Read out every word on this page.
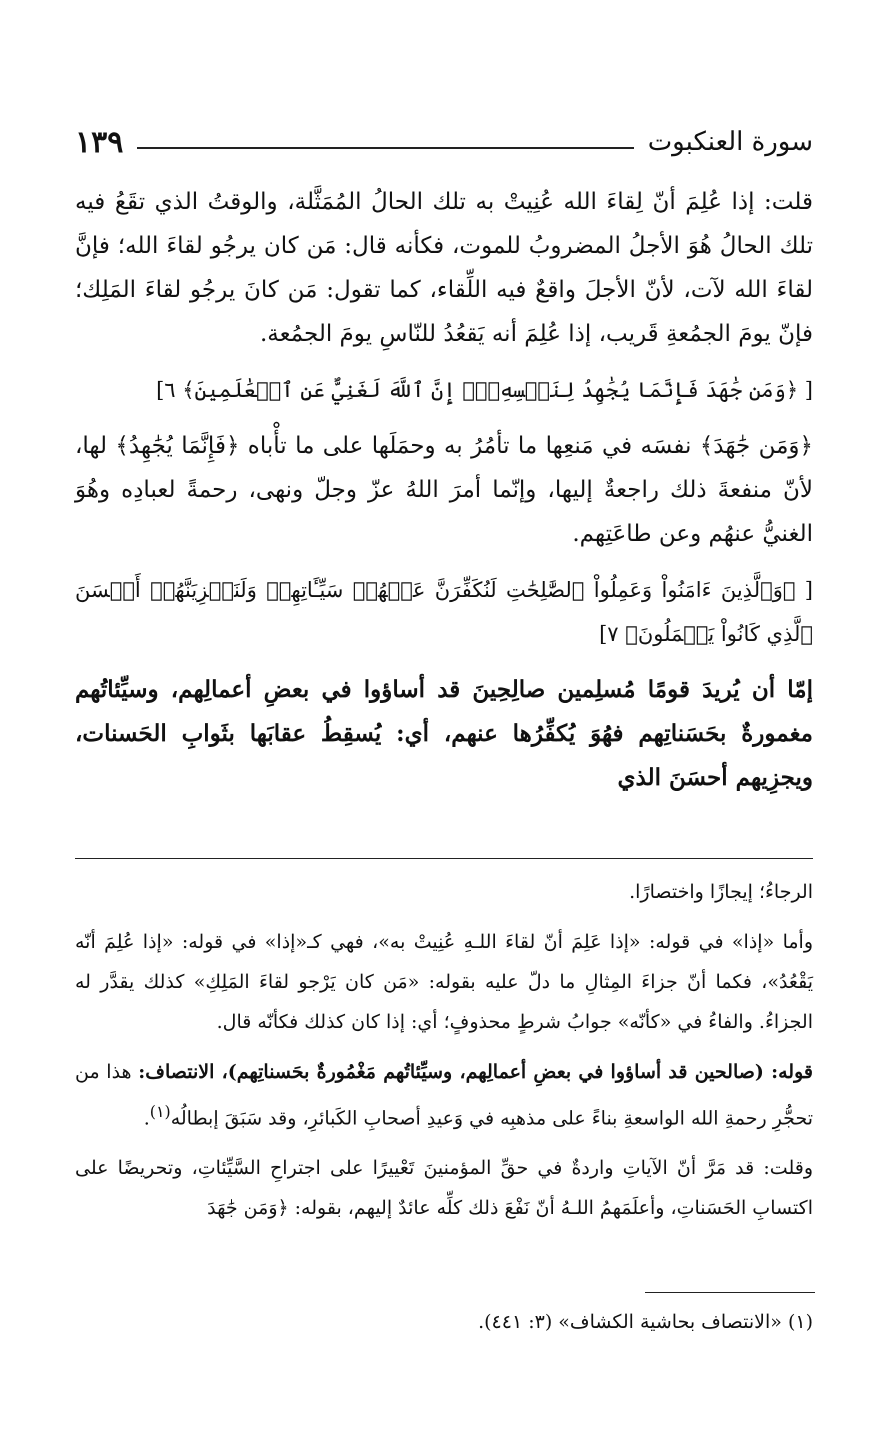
سورة العنكبوت
١٣٩

قلت: إذا عُلِمَ أنّ لِقاءَ الله عُنِيتْ به تلك الحالُ المُمَثَّلة، والوقتُ الذي تقَعُ فيه تلك الحالُ هُوَ الأجلُ المضروبُ للموت، فكأنه قال: مَن كان يرجُو لقاءَ الله؛ فإنَّ لقاءَ الله لآت، لأنّ الأجلَ واقعٌ فيه اللِّقاء، كما تقول: مَن كانَ يرجُو لقاءَ المَلِك؛ فإنّ يومَ الجمُعةِ قَريب، إذا عُلِمَ أنه يَقعُدُ للنّاسِ يومَ الجمُعة.

[ ﴿وَمَن جَٰهَدَ فَإِنَّمَا يُجَٰهِدُ لِنَفۡسِهِۦٓۚ إِنَّ ٱللَّهَ لَغَنِيٌّ عَنِ ٱلۡعَٰلَمِينَ﴾ ٦]

﴿وَمَن جَٰهَدَ﴾ نفسَه في مَنعِها ما تأمُرُ به وحمَلَها على ما تأْباه ﴿فَإِنَّمَا يُجَٰهِدُ﴾ لها، لأنّ منفعةَ ذلك راجعةٌ إليها، وإنّما أمرَ اللهُ عزّ وجلّ ونهى، رحمةً لعبادِه وهُوَ الغنيُّ عنهُم وعن طاعَتِهم.

[ ﴿وَٱلَّذِينَ ءَامَنُواْ وَعَمِلُواْ ٱلصَّٰلِحَٰتِ لَنُكَفِّرَنَّ عَنۡهُمۡ سَيِّـَٔاتِهِمۡ وَلَنَجۡزِيَنَّهُمۡ أَحۡسَنَ ٱلَّذِي كَانُواْ يَعۡمَلُونَ﴾ ٧]

إمّا أن يُريدَ قومًا مُسلِمين صالِحِينَ قد أساؤوا في بعضِ أعمالِهم، وسيِّئاتُهم مغمورةٌ بحَسَناتِهم فهُوَ يُكفِّرُها عنهم، أي: يُسقِطُ عقابَها بثَوابِ الحَسنات، ويجزِيهم أحسَنَ الذي

الرجاءُ؛ إيجازًا واختصارًا.

وأما «إذا» في قوله: «إذا عَلِمَ أنّ لقاءَ اللـهِ عُنِيتْ به»، فهي كـ«إذا» في قوله: «إذا عُلِمَ أنّه يَقْعُدُ»، فكما أنّ جزاءَ المِثالِ ما دلّ عليه بقوله: «مَن كان يَرْجو لقاءَ المَلِكِ» كذلك يقدَّر له الجزاءُ. والفاءُ في «كأنّه» جوابُ شرطٍ محذوفٍ؛ أي: إذا كان كذلك فكأنّه قال.

قوله: (صالحين قد أساؤوا في بعضِ أعمالِهم، وسيِّئاتُهم مَغْمُورةٌ بحَسناتِهم)، الانتصاف: هذا من تحجُّرِ رحمةِ الله الواسعةِ بناءً على مذهبِه في وَعيدِ أصحابِ الكَبائرِ، وقد سَبَقَ إبطالُه$^{(١)}$.

وقلت: قد مَرَّ أنّ الآياتِ واردةٌ في حقِّ المؤمنينَ تَعْييرًا على اجتراحِ السَّيِّئاتِ، وتحريضًا على اكتسابِ الحَسَناتِ، وأعلَمَهمُ اللـهُ أنّ نَفْعَ ذلك كلِّه عائدٌ إليهم، بقوله: ﴿وَمَن جَٰهَدَ

(١) «الانتصاف بحاشية الكشاف» (٣: ٤٤١).
